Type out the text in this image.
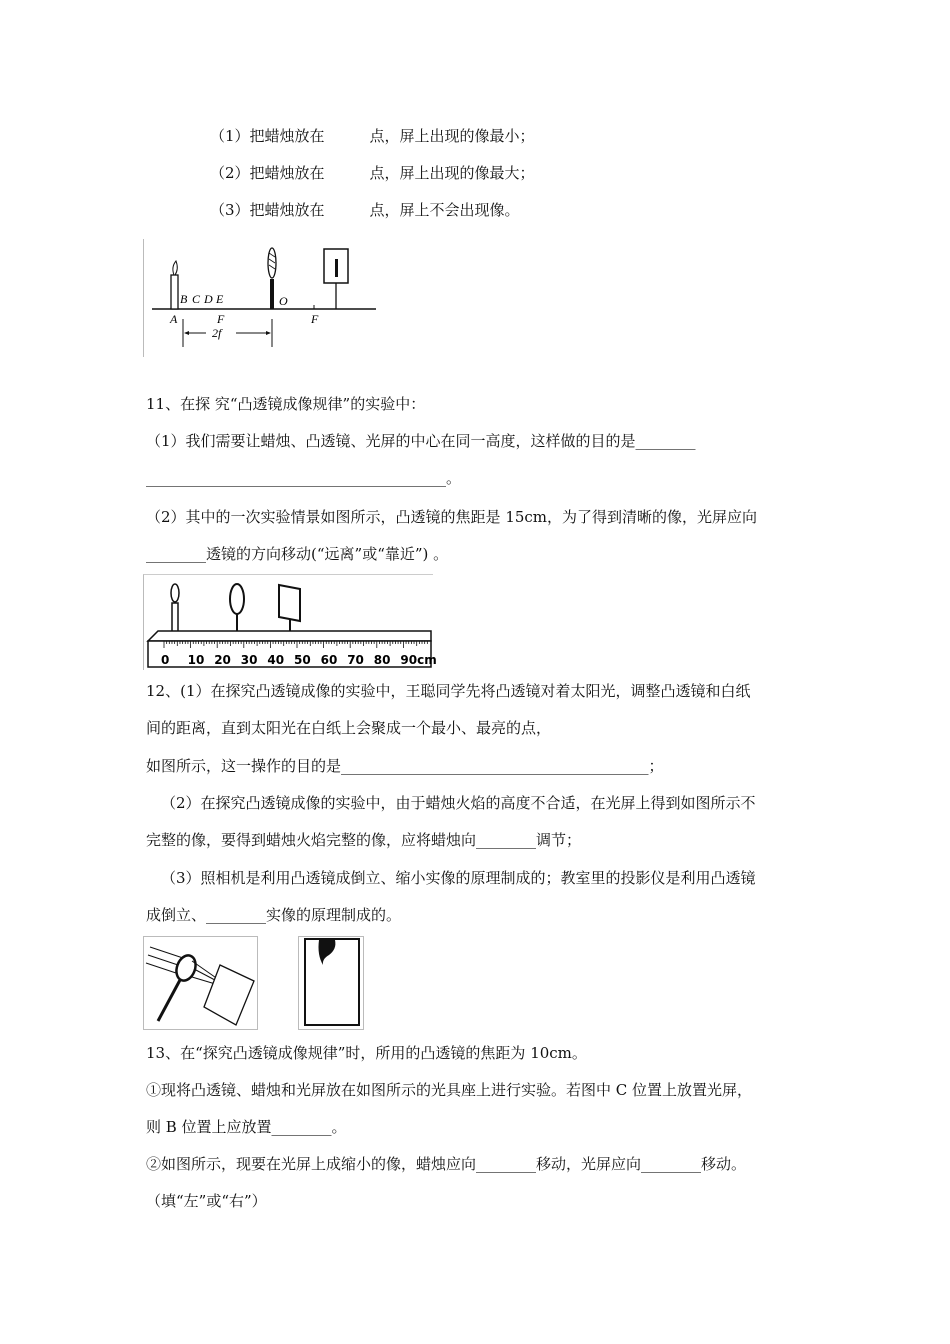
（1）把蜡烛放在　　　点，屏上出现的像最小；
（2）把蜡烛放在　　　点，屏上出现的像最大；
（3）把蜡烛放在　　　点，屏上不会出现像。
B C D E	O
A	F	F
2f
11、在探 究“凸透镜成像规律”的实验中：
（1）我们需要让蜡烛、凸透镜、光屏的中心在同一高度，这样做的目的是________
________________________________________。
（2）其中的一次实验情景如图所示，凸透镜的焦距是 15cm，为了得到清晰的像，光屏应向
________透镜的方向移动(“远离”或“靠近”) 。
0 10 20 30 40 50 60 70 80 90cm
12、(1）在探究凸透镜成像的实验中，王聪同学先将凸透镜对着太阳光，调整凸透镜和白纸
间的距离，直到太阳光在白纸上会聚成一个最小、最亮的点，
如图所示，这一操作的目的是_________________________________________；
（2）在探究凸透镜成像的实验中，由于蜡烛火焰的高度不合适，在光屏上得到如图所示不
完整的像，要得到蜡烛火焰完整的像，应将蜡烛向________调节；
（3）照相机是利用凸透镜成倒立、缩小实像的原理制成的；教室里的投影仪是利用凸透镜
成倒立、________实像的原理制成的。
13、在“探究凸透镜成像规律”时，所用的凸透镜的焦距为 10cm。
①现将凸透镜、蜡烛和光屏放在如图所示的光具座上进行实验。若图中 C 位置上放置光屏，
则 B 位置上应放置________。
②如图所示，现要在光屏上成缩小的像，蜡烛应向________移动，光屏应向________移动。
（填“左”或“右”）
